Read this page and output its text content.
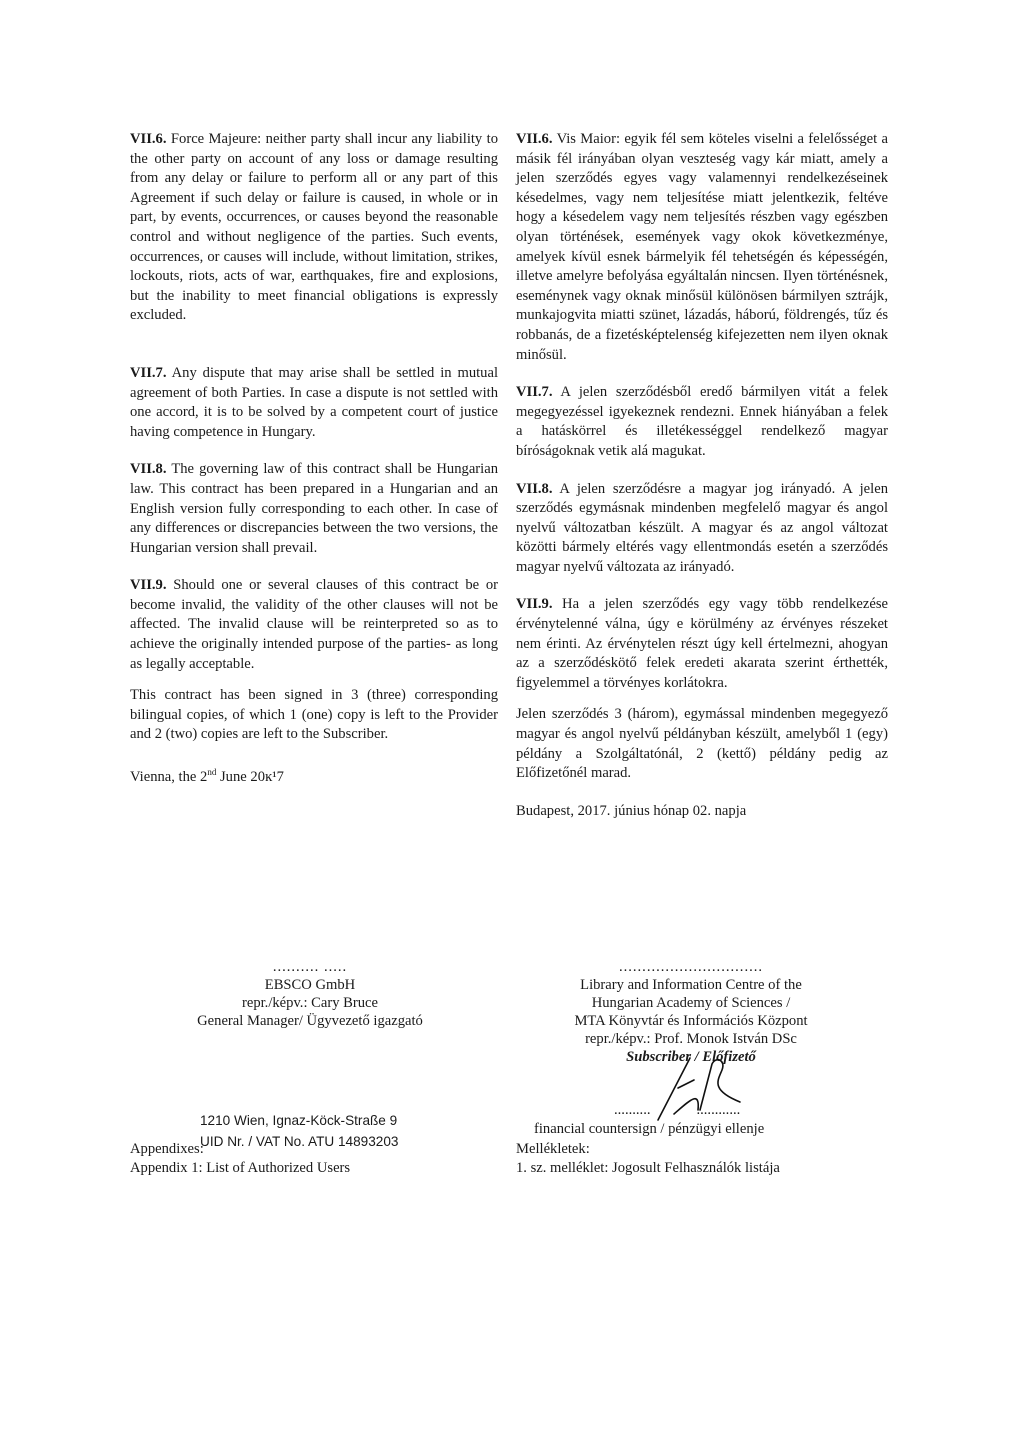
VII.6. Force Majeure: neither party shall incur any liability to the other party on account of any loss or damage resulting from any delay or failure to perform all or any part of this Agreement if such delay or failure is caused, in whole or in part, by events, occurrences, or causes beyond the reasonable control and without negligence of the parties. Such events, occurrences, or causes will include, without limitation, strikes, lockouts, riots, acts of war, earthquakes, fire and explosions, but the inability to meet financial obligations is expressly excluded.

VII.7. Any dispute that may arise shall be settled in mutual agreement of both Parties. In case a dispute is not settled with one accord, it is to be solved by a competent court of justice having competence in Hungary.

VII.8. The governing law of this contract shall be Hungarian law. This contract has been prepared in a Hungarian and an English version fully corresponding to each other. In case of any differences or discrepancies between the two versions, the Hungarian version shall prevail.

VII.9. Should one or several clauses of this contract be or become invalid, the validity of the other clauses will not be affected. The invalid clause will be reinterpreted so as to achieve the originally intended purpose of the parties- as long as legally acceptable.

This contract has been signed in 3 (three) corresponding bilingual copies, of which 1 (one) copy is left to the Provider and 2 (two) copies are left to the Subscriber.

Vienna, the 2nd June 20ĸ¹7

VII.6. Vis Maior: egyik fél sem köteles viselni a felelősséget a másik fél irányában olyan veszteség vagy kár miatt, amely a jelen szerződés egyes vagy valamennyi rendelkezéseinek késedelmes, vagy nem teljesítése miatt jelentkezik, feltéve hogy a késedelem vagy nem teljesítés részben vagy egészben olyan történések, események vagy okok következménye, amelyek kívül esnek bármelyik fél tehetségén és képességén, illetve amelyre befolyása egyáltalán nincsen. Ilyen történésnek, eseménynek vagy oknak minősül különösen bármilyen sztrájk, munkajogvita miatti szünet, lázadás, háború, földrengés, tűz és robbanás, de a fizetésképtelenség kifejezetten nem ilyen oknak minősül.

VII.7. A jelen szerződésből eredő bármilyen vitát a felek megegyezéssel igyekeznek rendezni. Ennek hiányában a felek a hatáskörrel és illetékességgel rendelkező magyar bíróságoknak vetik alá magukat.

VII.8. A jelen szerződésre a magyar jog irányadó. A jelen szerződés egymásnak mindenben megfelelő magyar és angol nyelvű változatban készült. A magyar és az angol változat közötti bármely eltérés vagy ellentmondás esetén a szerződés magyar nyelvű változata az irányadó.

VII.9. Ha a jelen szerződés egy vagy több rendelkezése érvénytelenné válna, úgy e körülmény az érvényes részeket nem érinti. Az érvénytelen részt úgy kell értelmezni, ahogyan az a szerződéskötő felek eredeti akarata szerint érthették, figyelemmel a törvényes korlátokra.

Jelen szerződés 3 (három), egymással mindenben megegyező magyar és angol nyelvű példányban készült, amelyből 1 (egy) példány a Szolgáltatónál, 2 (kettő) példány pedig az Előfizetőnél marad.

Budapest, 2017. június hónap 02. napja

.......... .....

EBSCO GmbH

repr./képv.: Cary Bruce

General Manager/ Ügyvezető igazgató

...............................

Library and Information Centre of the

Hungarian Academy of Sciences /

MTA Könyvtár és Információs Központ

repr./képv.: Prof. Monok István DSc

Subscriber / Előfizető

1210 Wien, Ignaz-Köck-Straße 9

UID Nr. / VAT No. ATU 14893203

..........	............

financial countersign / pénzügyi ellenje

Appendixes:

Appendix 1: List of Authorized Users

Mellékletek:

1. sz. melléklet: Jogosult Felhasználók listája
